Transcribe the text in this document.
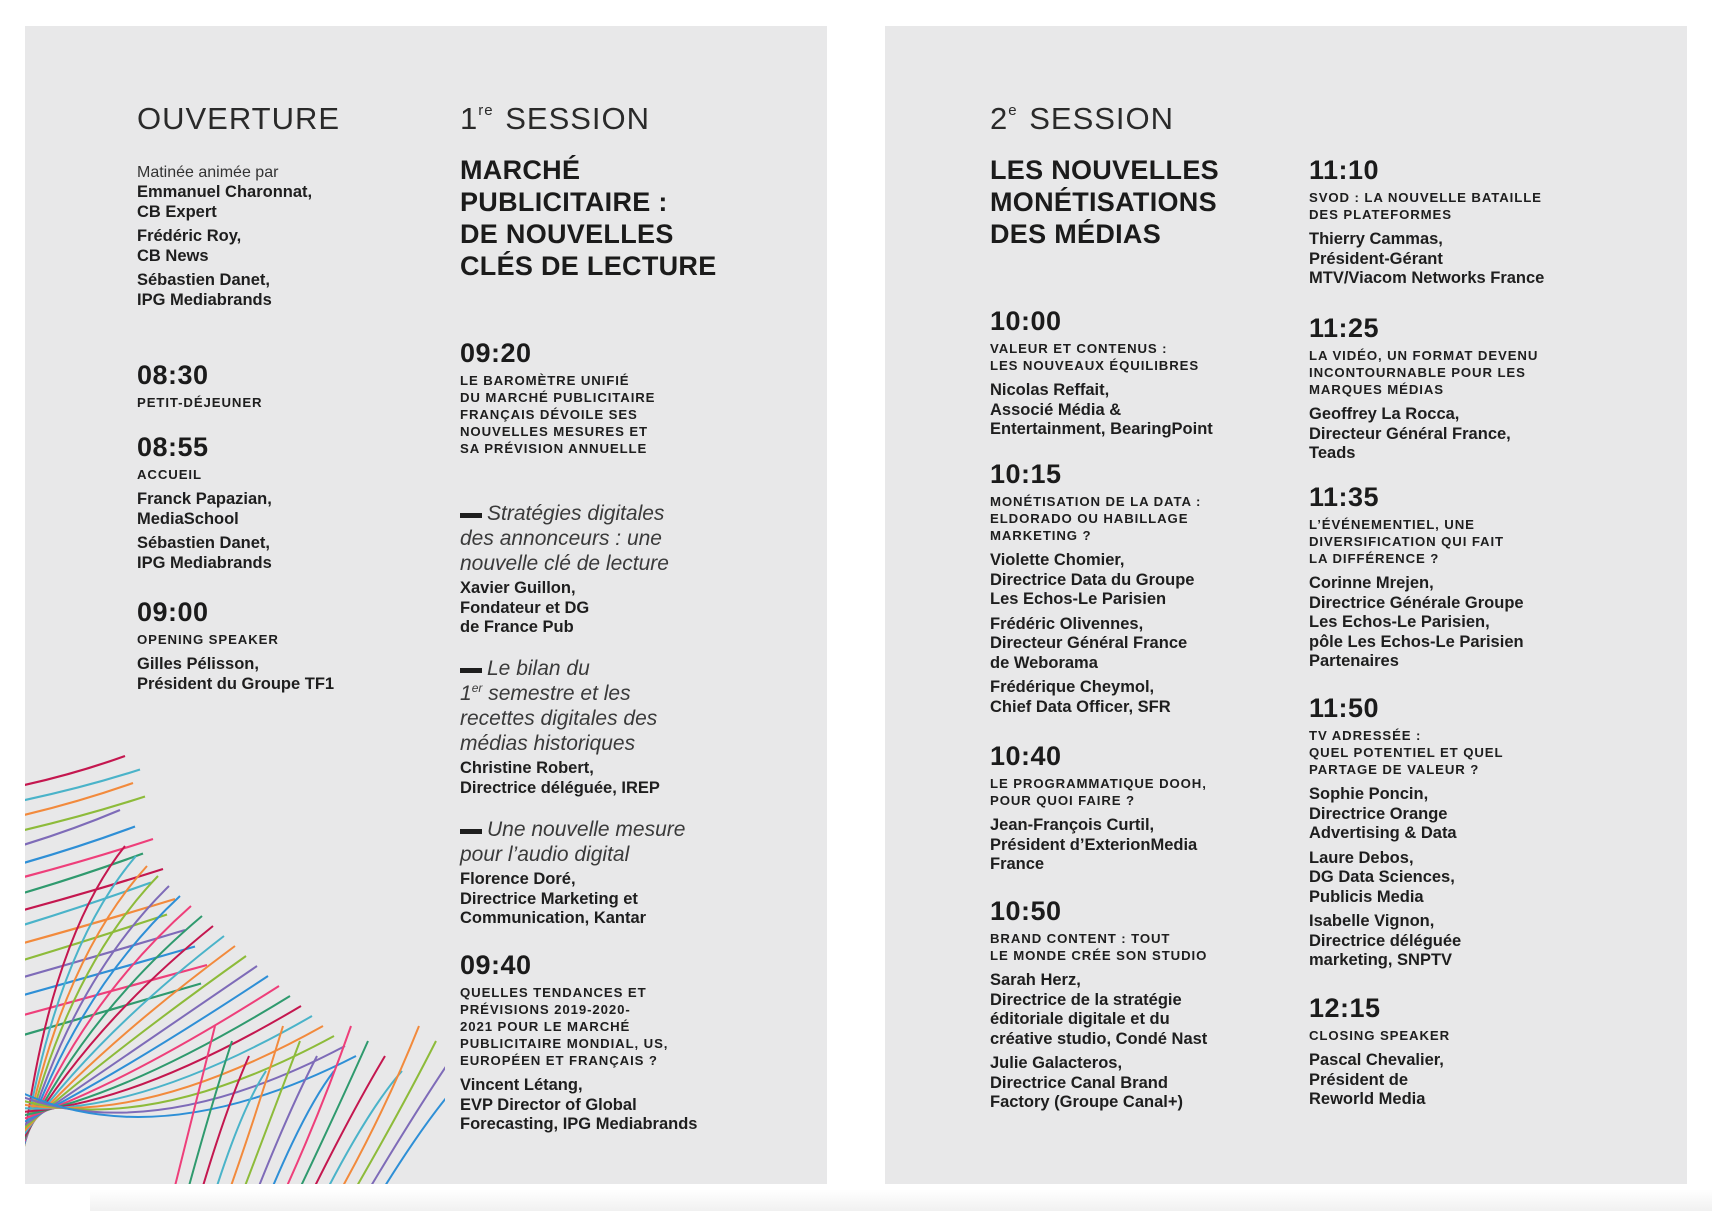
OUVERTURE

Matinée animée par

Emmanuel Charonnat,
CB Expert
Frédéric Roy,
CB News
Sébastien Danet,
IPG Mediabrands
08:30
PETIT-DÉJEUNER
08:55
ACCUEIL
Franck Papazian,
MediaSchool
Sébastien Danet,
IPG Mediabrands
09:00
OPENING SPEAKER
Gilles Pélisson,
Président du Groupe TF1
1re SESSION

MARCHÉ

PUBLICITAIRE :

DE NOUVELLES

CLÉS DE LECTURE

09:20
LE BAROMÈTRE UNIFIÉ
DU MARCHÉ PUBLICITAIRE
FRANÇAIS DÉVOILE SES
NOUVELLES MESURES ET
SA PRÉVISION ANNUELLE
Stratégies digitales
des annonceurs : une
nouvelle clé de lecture
Xavier Guillon,
Fondateur et DG
de France Pub
Le bilan du
1er semestre et les
recettes digitales des
médias historiques
Christine Robert,
Directrice déléguée, IREP
Une nouvelle mesure
pour l’audio digital
Florence Doré,
Directrice Marketing et
Communication, Kantar
09:40
QUELLES TENDANCES ET
PRÉVISIONS 2019-2020-
2021 POUR LE MARCHÉ
PUBLICITAIRE MONDIAL, US,
EUROPÉEN ET FRANÇAIS ?
Vincent Létang,
EVP Director of Global
Forecasting, IPG Mediabrands
2e SESSION

LES NOUVELLES

MONÉTISATIONS

DES MÉDIAS

10:00
VALEUR ET CONTENUS :
LES NOUVEAUX ÉQUILIBRES
Nicolas Reffait,
Associé Média &
Entertainment, BearingPoint
10:15
MONÉTISATION DE LA DATA :
ELDORADO OU HABILLAGE
MARKETING ?
Violette Chomier,
Directrice Data du Groupe
Les Echos-Le Parisien
Frédéric Olivennes,
Directeur Général France
de Weborama
Frédérique Cheymol,
Chief Data Officer, SFR
10:40
LE PROGRAMMATIQUE DOOH,
POUR QUOI FAIRE ?
Jean-François Curtil,
Président d’ExterionMedia
France
10:50
BRAND CONTENT : TOUT
LE MONDE CRÉE SON STUDIO
Sarah Herz,
Directrice de la stratégie
éditoriale digitale et du
créative studio, Condé Nast
Julie Galacteros,
Directrice Canal Brand
Factory (Groupe Canal+)
11:10
SVOD : LA NOUVELLE BATAILLE
DES PLATEFORMES
Thierry Cammas,
Président-Gérant
MTV/Viacom Networks France
11:25
LA VIDÉO, UN FORMAT DEVENU
INCONTOURNABLE POUR LES
MARQUES MÉDIAS
Geoffrey La Rocca,
Directeur Général France,
Teads
11:35
L’ÉVÉNEMENTIEL, UNE
DIVERSIFICATION QUI FAIT
LA DIFFÉRENCE ?
Corinne Mrejen,
Directrice Générale Groupe
Les Echos-Le Parisien,
pôle Les Echos-Le Parisien
Partenaires
11:50
TV ADRESSÉE :
QUEL POTENTIEL ET QUEL
PARTAGE DE VALEUR ?
Sophie Poncin,
Directrice Orange
Advertising & Data
Laure Debos,
DG Data Sciences,
Publicis Media
Isabelle Vignon,
Directrice déléguée
marketing, SNPTV
12:15
CLOSING SPEAKER
Pascal Chevalier,
Président de
Reworld Media
